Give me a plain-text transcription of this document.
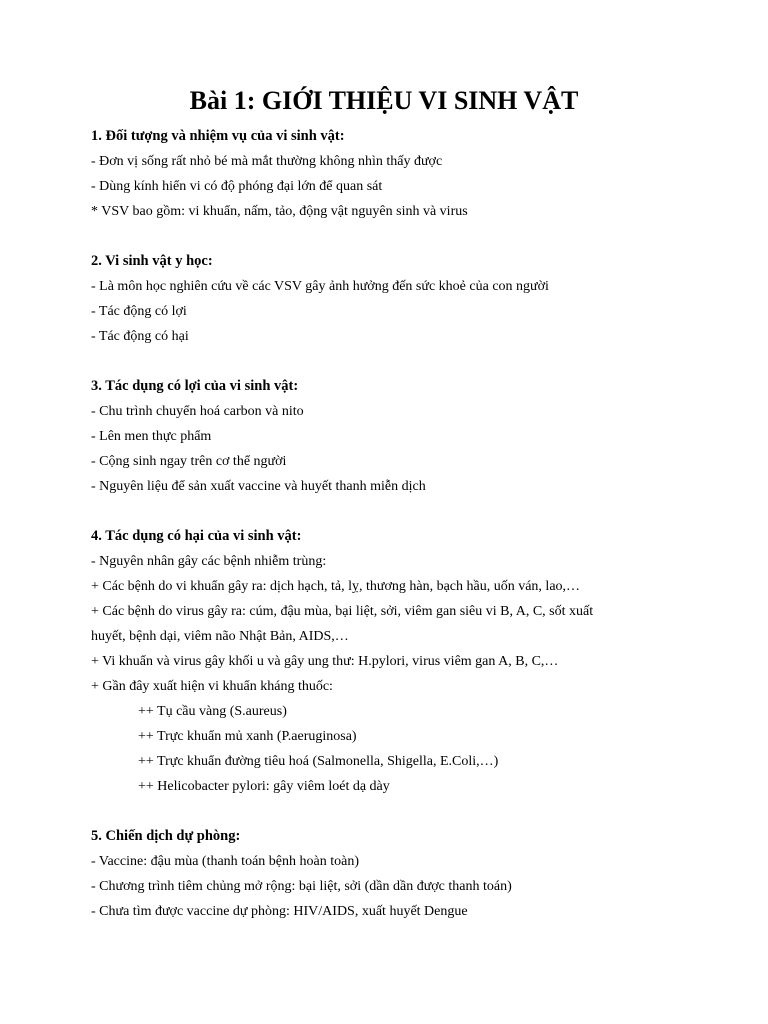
Bài 1: GIỚI THIỆU VI SINH VẬT
1. Đối tượng và nhiệm vụ của vi sinh vật:
- Đơn vị sống rất nhỏ bé mà mắt thường không nhìn thấy được
- Dùng kính hiển vi có độ phóng đại lớn để quan sát
* VSV bao gồm: vi khuẩn, nấm, tảo, động vật nguyên sinh và virus
2. Vi sinh vật y học:
- Là môn học nghiên cứu về các VSV gây ảnh hưởng đến sức khoẻ của con người
- Tác động có lợi
- Tác động có hại
3. Tác dụng có lợi của vi sinh vật:
- Chu trình chuyển hoá carbon và nito
- Lên men thực phẩm
- Cộng sinh ngay trên cơ thể người
- Nguyên liệu để sản xuất vaccine và huyết thanh miễn dịch
4. Tác dụng có hại của vi sinh vật:
- Nguyên nhân gây các bệnh nhiễm trùng:
+ Các bệnh do vi khuẩn gây ra: dịch hạch, tả, lỵ, thương hàn, bạch hầu, uốn ván, lao,…
+ Các bệnh do virus gây ra: cúm, đậu mùa, bại liệt, sởi, viêm gan siêu vi B, A, C, sốt xuất
huyết, bệnh dại, viêm não Nhật Bản, AIDS,…
+ Vi khuẩn và virus gây khối u và gây ung thư: H.pylori, virus viêm gan A, B, C,…
+ Gần đây xuất hiện vi khuẩn kháng thuốc:
++ Tụ cầu vàng (S.aureus)
++ Trực khuẩn mủ xanh (P.aeruginosa)
++ Trực khuẩn đường tiêu hoá (Salmonella, Shigella, E.Coli,…)
++ Helicobacter pylori: gây viêm loét dạ dày
5. Chiến dịch dự phòng:
- Vaccine: đậu mùa (thanh toán bệnh hoàn toàn)
- Chương trình tiêm chủng mở rộng: bại liệt, sởi (dần dần được thanh toán)
- Chưa tìm được vaccine dự phòng: HIV/AIDS, xuất huyết Dengue
